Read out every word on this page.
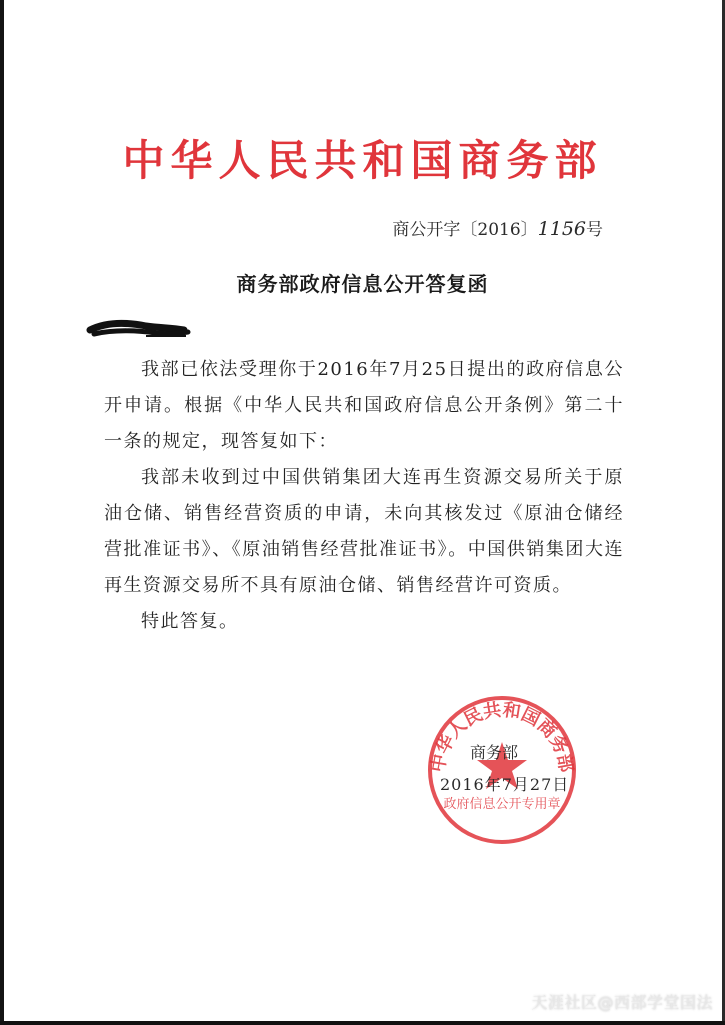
中华人民共和国商务部
商公开字〔2016〕1156号
商务部政府信息公开答复函

我部已依法受理你于2016年7月25日提出的政府信息公开申请。根据《中华人民共和国政府信息公开条例》第二十一条的规定，现答复如下：

我部未收到过中国供销集团大连再生资源交易所关于原油仓储、销售经营资质的申请，未向其核发过《原油仓储经营批准证书》、《原油销售经营批准证书》。中国供销集团大连再生资源交易所不具有原油仓储、销售经营许可资质。

特此答复。

中华人民共和国商务部
政府信息公开专用章
商务部
2016年7月27日
天涯社区@西部学堂国法
